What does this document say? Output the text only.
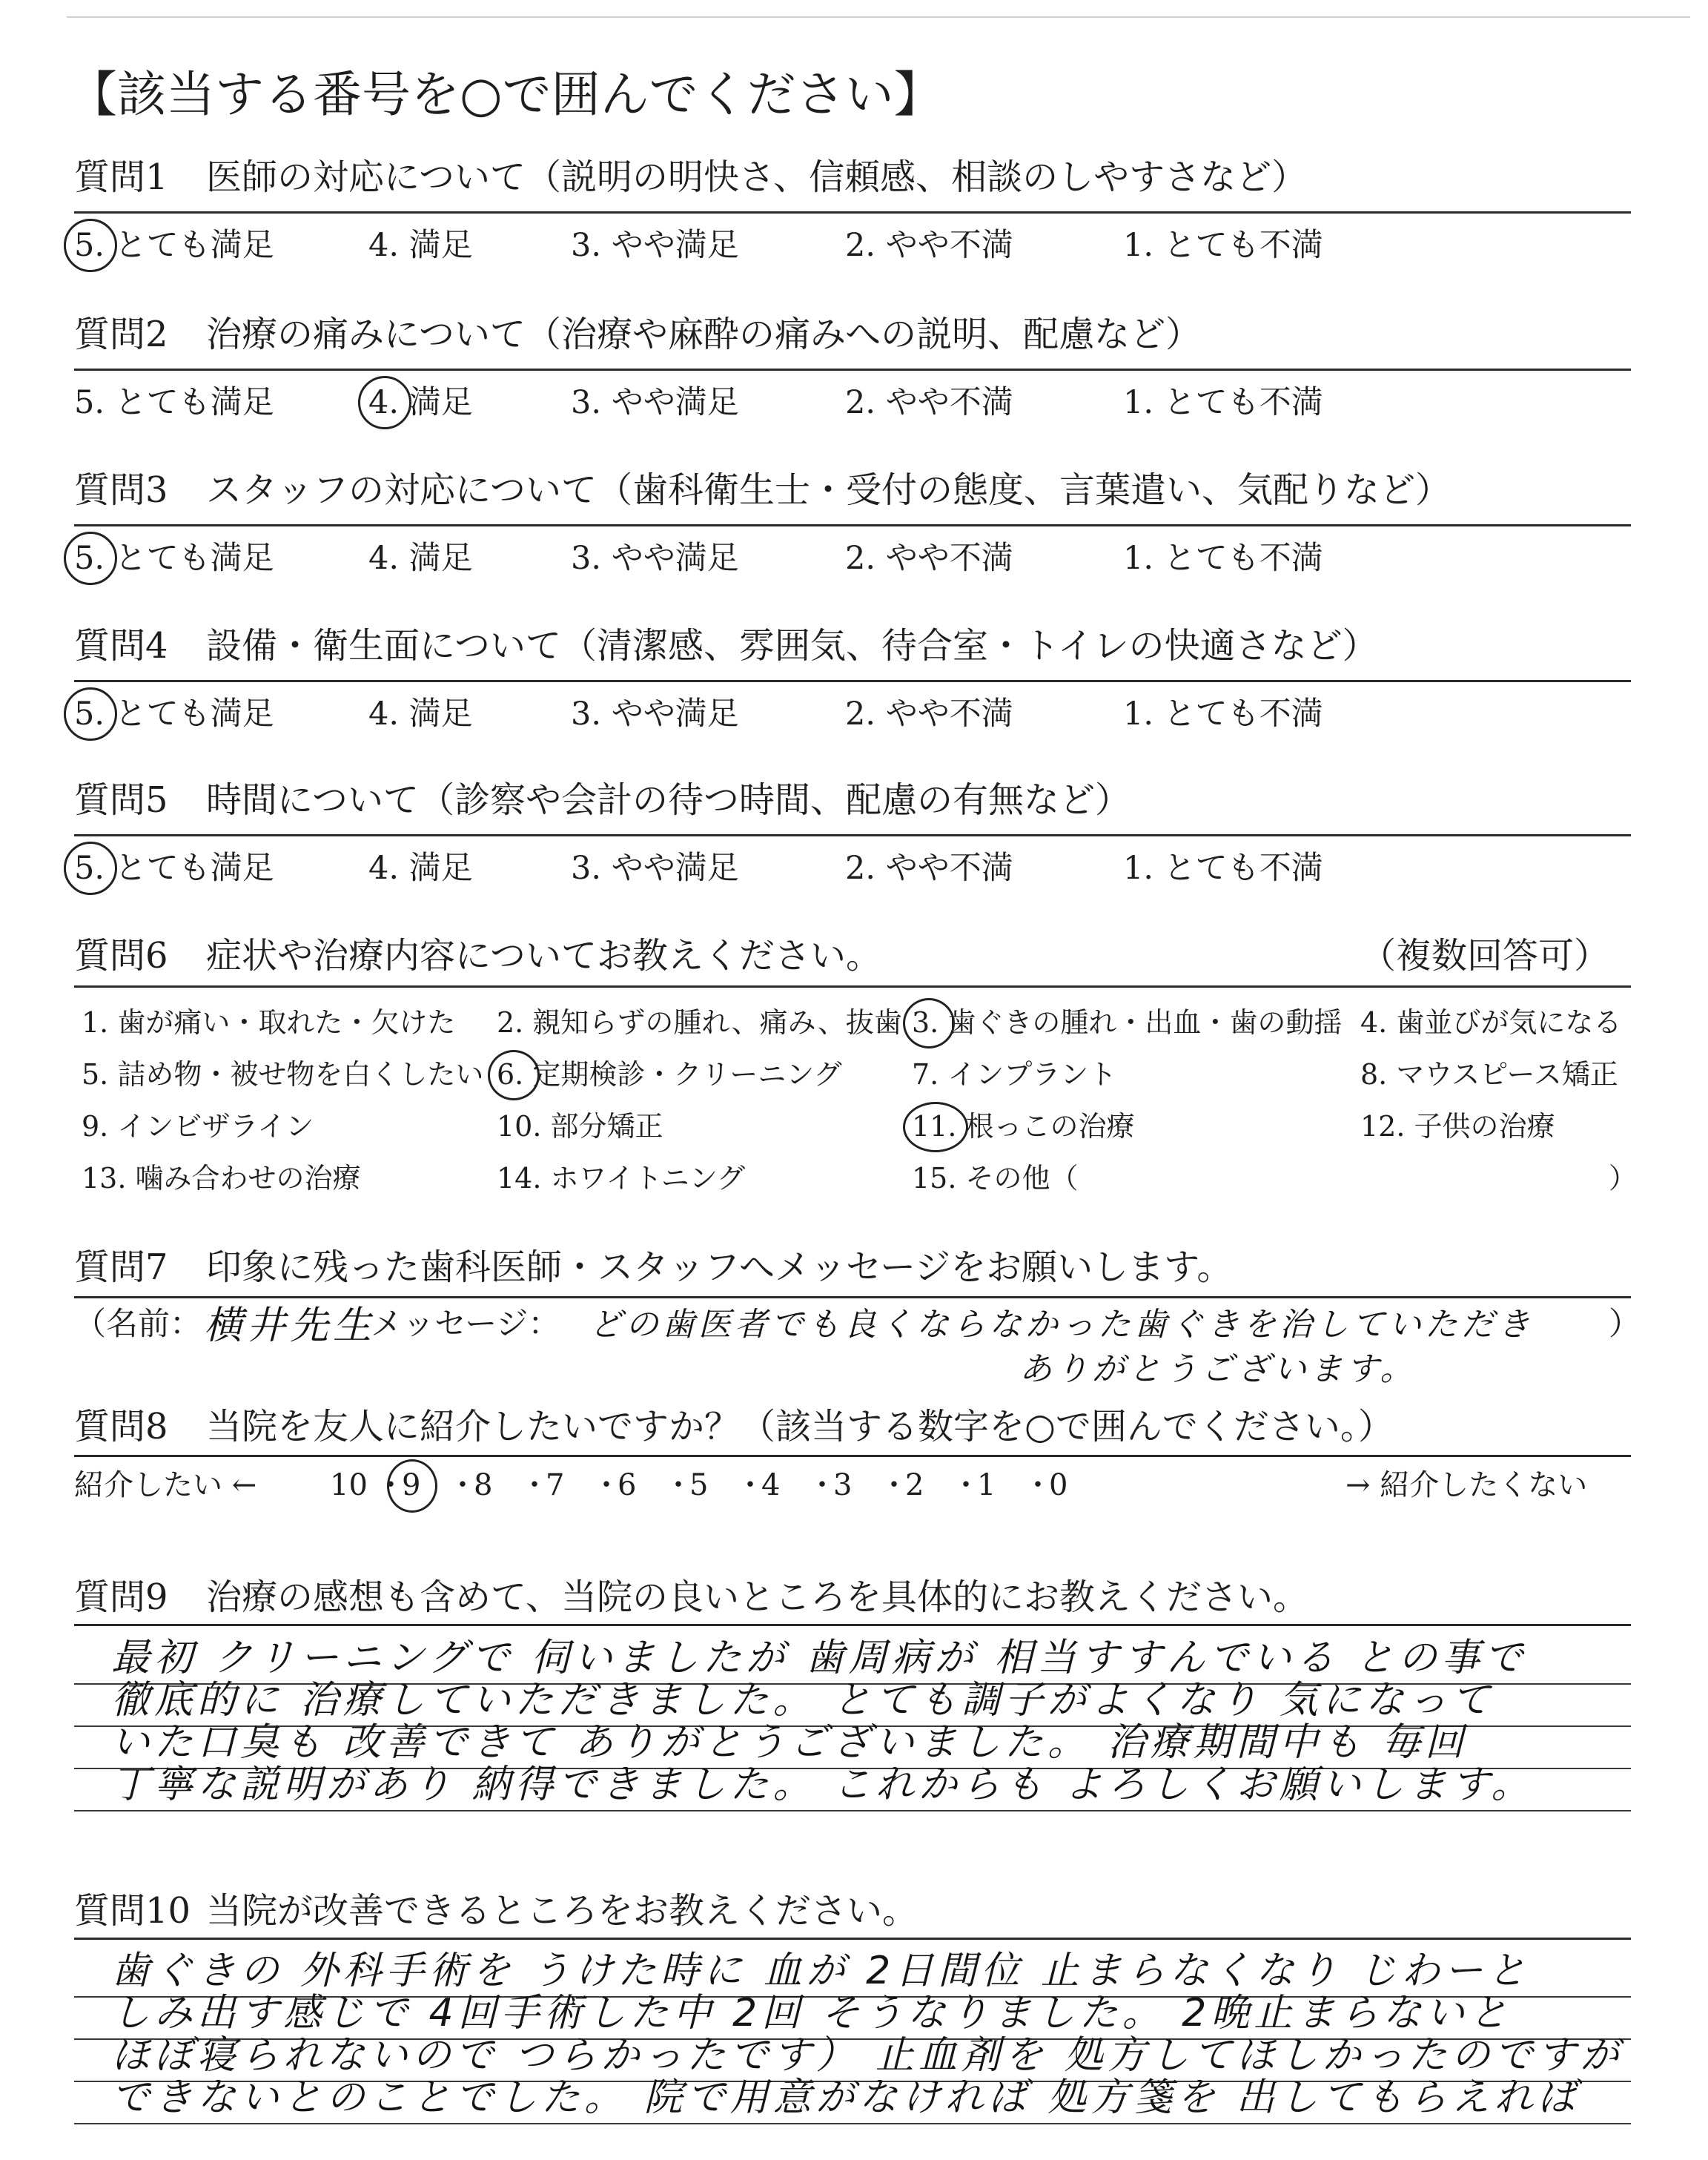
【該当する番号を○で囲んでください】
質問1 医師の対応について（説明の明快さ、信頼感、相談のしやすさなど）
5. とても満足	4. 満足	3. やや満足	2. やや不満	1. とても不満
質問2 治療の痛みについて（治療や麻酔の痛みへの説明、配慮など）
5. とても満足	4. 満足	3. やや満足	2. やや不満	1. とても不満
質問3 スタッフの対応について（歯科衛生士・受付の態度、言葉遣い、気配りなど）
5. とても満足	4. 満足	3. やや満足	2. やや不満	1. とても不満
質問4 設備・衛生面について（清潔感、雰囲気、待合室・トイレの快適さなど）
5. とても満足	4. 満足	3. やや満足	2. やや不満	1. とても不満
質問5 時間について（診察や会計の待つ時間、配慮の有無など）
5. とても満足	4. 満足	3. やや満足	2. やや不満	1. とても不満
質問6 症状や治療内容についてお教えください。	（複数回答可）
1. 歯が痛い・取れた・欠けた 2. 親知らずの腫れ、痛み、抜歯 3. 歯ぐきの腫れ・出血・歯の動揺 4. 歯並びが気になる
5. 詰め物・被せ物を白くしたい 6. 定期検診・クリーニング 7. インプラント	8. マウスピース矯正
9. インビザライン	10. 部分矯正	11. 根っこの治療	12. 子供の治療
13. 噛み合わせの治療	14. ホワイトニング	15. その他（	）
質問7 印象に残った歯科医師・スタッフへメッセージをお願いします。
（名前： 横井先生
メッセージ： どの歯医者でも良くならなかった歯ぐきを治していただき ）
ありがとうございます。
質問8 当院を友人に紹介したいですか？（該当する数字を○で囲んでください。）
紹介したい ←	→ 紹介したくない
10 ・
9 ・
8 ・
7 ・
6 ・
5 ・
4 ・
3 ・
2 ・
1 ・
0
質問9 治療の感想も含めて、当院の良いところを具体的にお教えください。
最初 クリーニングで 伺いましたが 歯周病が 相当すすんでいる との事で
徹底的に 治療していただきました。 とても調子がよくなり 気になって
いた口臭も 改善できて ありがとうございました。 治療期間中も 毎回
丁寧な説明があり 納得できました。 これからも よろしくお願いします。
質問10 当院が改善できるところをお教えください。
歯ぐきの 外科手術を うけた時に 血が 2日間位 止まらなくなり じわーと
しみ出す感じで 4回手術した中 2回 そうなりました。 2晩止まらないと
ほぼ寝られないので つらかったです） 止血剤を 処方してほしかったのですが
できないとのことでした。 院で用意がなければ 処方箋を 出してもらえれば
